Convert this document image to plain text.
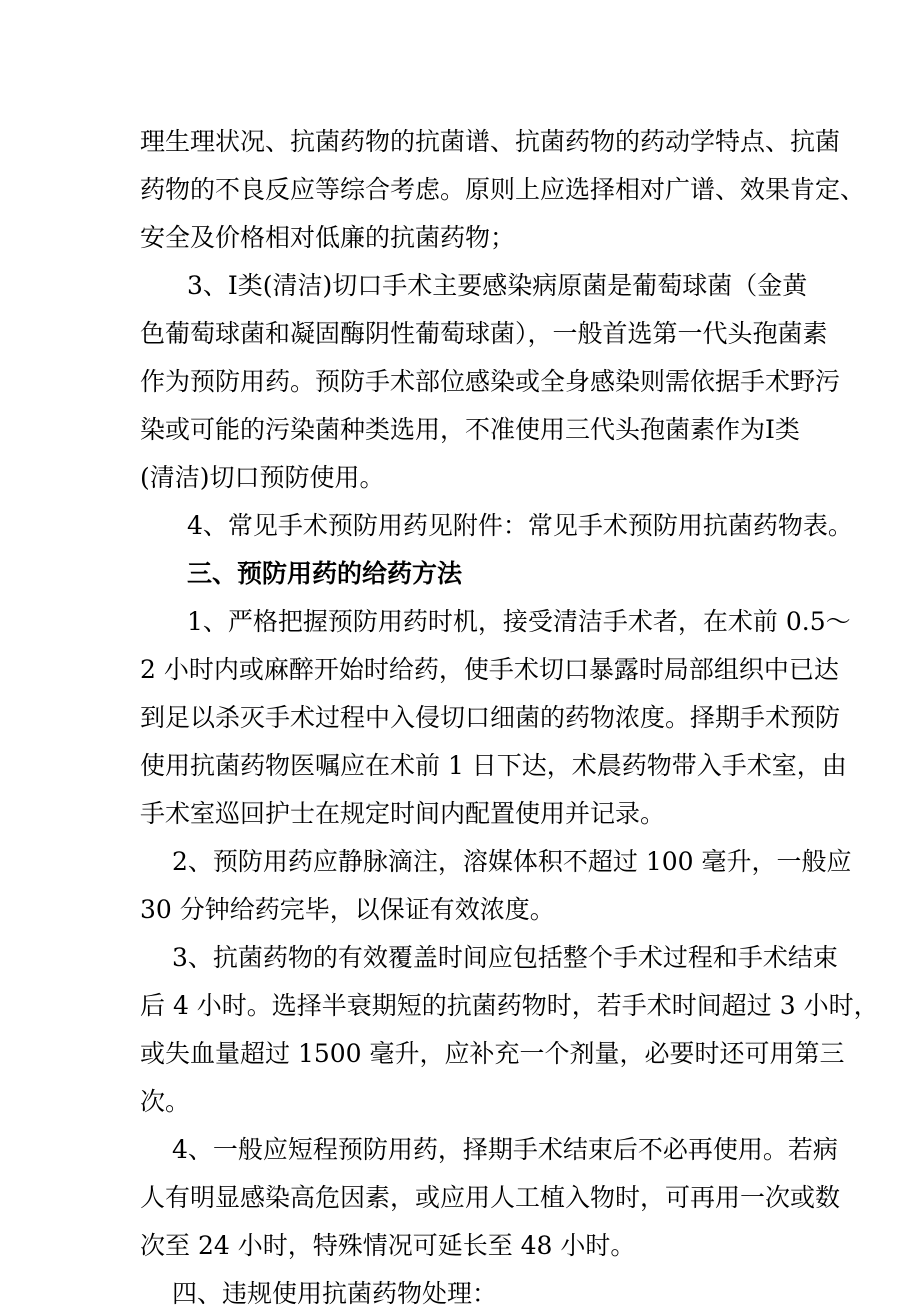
理生理状况、抗菌药物的抗菌谱、抗菌药物的药动学特点、抗菌
药物的不良反应等综合考虑。原则上应选择相对广谱、效果肯定、
安全及价格相对低廉的抗菌药物；
3、Ⅰ类(清洁)切口手术主要感染病原菌是葡萄球菌（金黄
色葡萄球菌和凝固酶阴性葡萄球菌），一般首选第一代头孢菌素
作为预防用药。预防手术部位感染或全身感染则需依据手术野污
染或可能的污染菌种类选用，不准使用三代头孢菌素作为Ⅰ类
(清洁)切口预防使用。
4、常见手术预防用药见附件：常见手术预防用抗菌药物表。
三、预防用药的给药方法
1、严格把握预防用药时机，接受清洁手术者，在术前 0.5～
2 小时内或麻醉开始时给药，使手术切口暴露时局部组织中已达
到足以杀灭手术过程中入侵切口细菌的药物浓度。择期手术预防
使用抗菌药物医嘱应在术前 1 日下达，术晨药物带入手术室，由
手术室巡回护士在规定时间内配置使用并记录。
2、预防用药应静脉滴注，溶媒体积不超过 100 毫升，一般应
30 分钟给药完毕，以保证有效浓度。
3、抗菌药物的有效覆盖时间应包括整个手术过程和手术结束
后 4 小时。选择半衰期短的抗菌药物时，若手术时间超过 3 小时，
或失血量超过 1500 毫升，应补充一个剂量，必要时还可用第三
次。
4、一般应短程预防用药，择期手术结束后不必再使用。若病
人有明显感染高危因素，或应用人工植入物时，可再用一次或数
次至 24 小时，特殊情况可延长至 48 小时。
四、违规使用抗菌药物处理：
